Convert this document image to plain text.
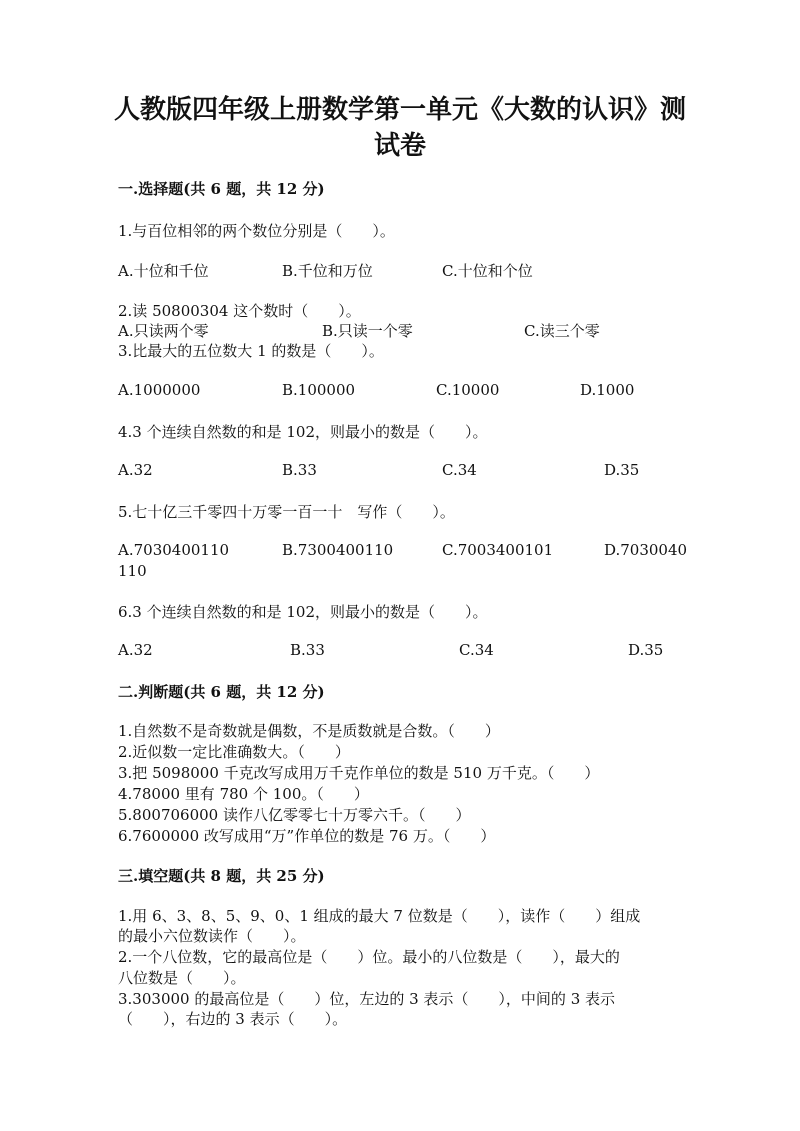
人教版四年级上册数学第一单元《大数的认识》测
试卷
一.选择题(共 6 题，共 12 分)
1.与百位相邻的两个数位分别是（　　）。
A.十位和千位	B.千位和万位	C.十位和个位
2.读 50800304 这个数时（　　）。
A.只读两个零	B.只读一个零	C.读三个零
3.比最大的五位数大 1 的数是（　　）。
A.1000000	B.100000	C.10000	D.1000
4.3 个连续自然数的和是 102，则最小的数是（　　）。
A.32	B.33	C.34	D.35
5.七十亿三千零四十万零一百一十　写作（　　）。
A.7030400110	B.7300400110	C.7003400101	D.7030040
110
6.3 个连续自然数的和是 102，则最小的数是（　　）。
A.32	B.33	C.34	D.35
二.判断题(共 6 题，共 12 分)
1.自然数不是奇数就是偶数，不是质数就是合数。（　　）
2.近似数一定比准确数大。（　　）
3.把 5098000 千克改写成用万千克作单位的数是 510 万千克。（　　）
4.78000 里有 780 个 100。（　　）
5.800706000 读作八亿零零七十万零六千。（　　）
6.7600000 改写成用“万”作单位的数是 76 万。（　　）
三.填空题(共 8 题，共 25 分)
1.用 6、3、8、5、9、0、1 组成的最大 7 位数是（　　），读作（　　）组成
的最小六位数读作（　　）。
2.一个八位数，它的最高位是（　　）位。最小的八位数是（　　），最大的
八位数是（　　）。
3.303000 的最高位是（　　）位，左边的 3 表示（　　），中间的 3 表示
（　　），右边的 3 表示（　　）。
